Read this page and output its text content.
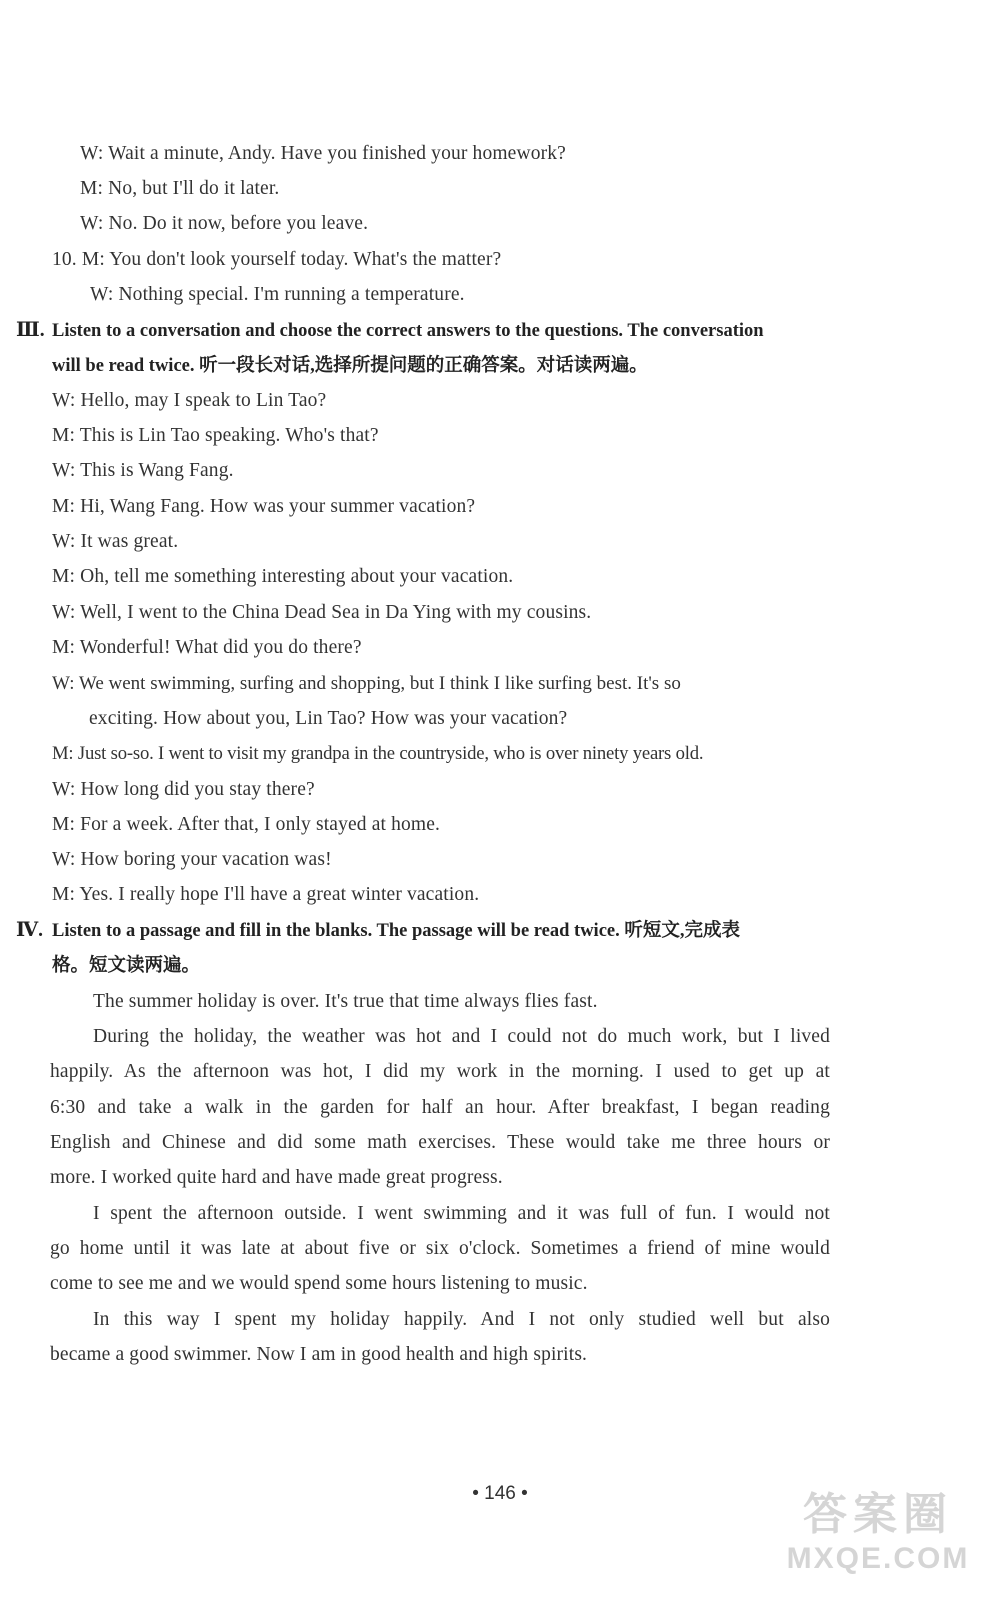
W: Wait a minute, Andy. Have you finished your homework?
M: No, but I'll do it later.
W: No. Do it now, before you leave.
10. M: You don't look yourself today. What's the matter?
W: Nothing special. I'm running a temperature.
Ⅲ. Listen to a conversation and choose the correct answers to the questions. The conversation
will be read twice. 听一段长对话,选择所提问题的正确答案。对话读两遍。
W: Hello, may I speak to Lin Tao?
M: This is Lin Tao speaking. Who's that?
W: This is Wang Fang.
M: Hi, Wang Fang. How was your summer vacation?
W: It was great.
M: Oh, tell me something interesting about your vacation.
W: Well, I went to the China Dead Sea in Da Ying with my cousins.
M: Wonderful! What did you do there?
W: We went swimming, surfing and shopping, but I think I like surfing best. It's so
exciting. How about you, Lin Tao? How was your vacation?
M: Just so-so. I went to visit my grandpa in the countryside, who is over ninety years old.
W: How long did you stay there?
M: For a week. After that, I only stayed at home.
W: How boring your vacation was!
M: Yes. I really hope I'll have a great winter vacation.
Ⅳ. Listen to a passage and fill in the blanks. The passage will be read twice. 听短文,完成表
格。短文读两遍。
The summer holiday is over. It's true that time always flies fast.
During the holiday, the weather was hot and I could not do much work, but I lived
happily. As the afternoon was hot, I did my work in the morning. I used to get up at
6:30 and take a walk in the garden for half an hour. After breakfast, I began reading
English and Chinese and did some math exercises. These would take me three hours or
more. I worked quite hard and have made great progress.
I spent the afternoon outside. I went swimming and it was full of fun. I would not
go home until it was late at about five or six o'clock. Sometimes a friend of mine would
come to see me and we would spend some hours listening to music.
In this way I spent my holiday happily. And I not only studied well but also
became a good swimmer. Now I am in good health and high spirits.
• 146 •	答案圈
MXQE.COM
